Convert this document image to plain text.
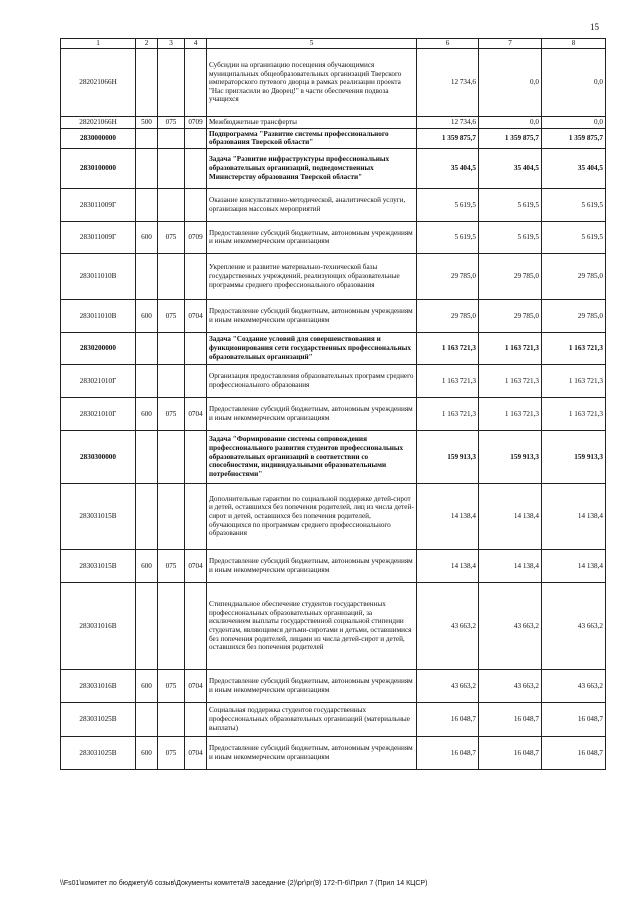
15
1	2	3	4	5	6	7	8
282021066Н				Субсидии на организацию посещения обучающимися муниципальных общеобразовательных организаций Тверского императорского путевого дворца в рамках реализации проекта "Нас пригласили во Дворец!" в части обеспечения подвоза учащихся	12 734,6	0,0	0,0
282021066Н	500	075	0709	Межбюджетные трансферты	12 734,6	0,0	0,0
2830000000				Подпрограмма "Развитие системы профессионального образования Тверской области"	1 359 875,7	1 359 875,7	1 359 875,7
2830100000				Задача "Развитие инфраструктуры профессиональных образовательных организаций, подведомственных Министерству образования Тверской области"	35 404,5	35 404,5	35 404,5
283011009Г				Оказание консультативно-методической, аналитической услуги, организация массовых мероприятий	5 619,5	5 619,5	5 619,5
283011009Г	600	075	0709	Предоставление субсидий бюджетным, автономным учреждениям и иным некоммерческим организациям	5 619,5	5 619,5	5 619,5
283011010В				Укрепление и развитие материально-технической базы государственных учреждений, реализующих образовательные программы среднего профессионального образования	29 785,0	29 785,0	29 785,0
283011010В	600	075	0704	Предоставление субсидий бюджетным, автономным учреждениям и иным некоммерческим организациям	29 785,0	29 785,0	29 785,0
2830200000				Задача "Создание условий для совершенствования и функционирования сети государственных профессиональных образовательных организаций"	1 163 721,3	1 163 721,3	1 163 721,3
283021010Г				Организация предоставления образовательных программ среднего профессионального образования	1 163 721,3	1 163 721,3	1 163 721,3
283021010Г	600	075	0704	Предоставление субсидий бюджетным, автономным учреждениям и иным некоммерческим организациям	1 163 721,3	1 163 721,3	1 163 721,3
2830300000				Задача "Формирование системы сопровождения профессионального развития студентов профессиональных образовательных организаций в соответствии со способностями, индивидуальными образовательными потребностями"	159 913,3	159 913,3	159 913,3
283031015В				Дополнительные гарантии по социальной поддержке детей-сирот и детей, оставшихся без попечения родителей, лиц из числа детей-сирот и детей, оставшихся без попечения родителей, обучающихся по программам среднего профессионального образования	14 138,4	14 138,4	14 138,4
283031015В	600	075	0704	Предоставление субсидий бюджетным, автономным учреждениям и иным некоммерческим организациям	14 138,4	14 138,4	14 138,4
283031016В				Стипендиальное обеспечение студентов государственных профессиональных образовательных организаций, за исключением выплаты государственной социальной стипендии студентам, являющимся детьми-сиротами и детьми, оставшимися без попечения родителей, лицами из числа детей-сирот и детей, оставшихся без попечения родителей	43 663,2	43 663,2	43 663,2
283031016В	600	075	0704	Предоставление субсидий бюджетным, автономным учреждениям и иным некоммерческим организациям	43 663,2	43 663,2	43 663,2
283031025В				Социальная поддержка студентов государственных профессиональных образовательных организаций (материальные выплаты)	16 048,7	16 048,7	16 048,7
283031025В	600	075	0704	Предоставление субсидий бюджетным, автономным учреждениям и иным некоммерческим организациям	16 048,7	16 048,7	16 048,7
\\Fs01\комитет по бюджету\6 созыв\Документы комитета\9 заседание (2)\рг\рг(9) 172-П-6\Прил 7 (Прил 14 КЦСР)
